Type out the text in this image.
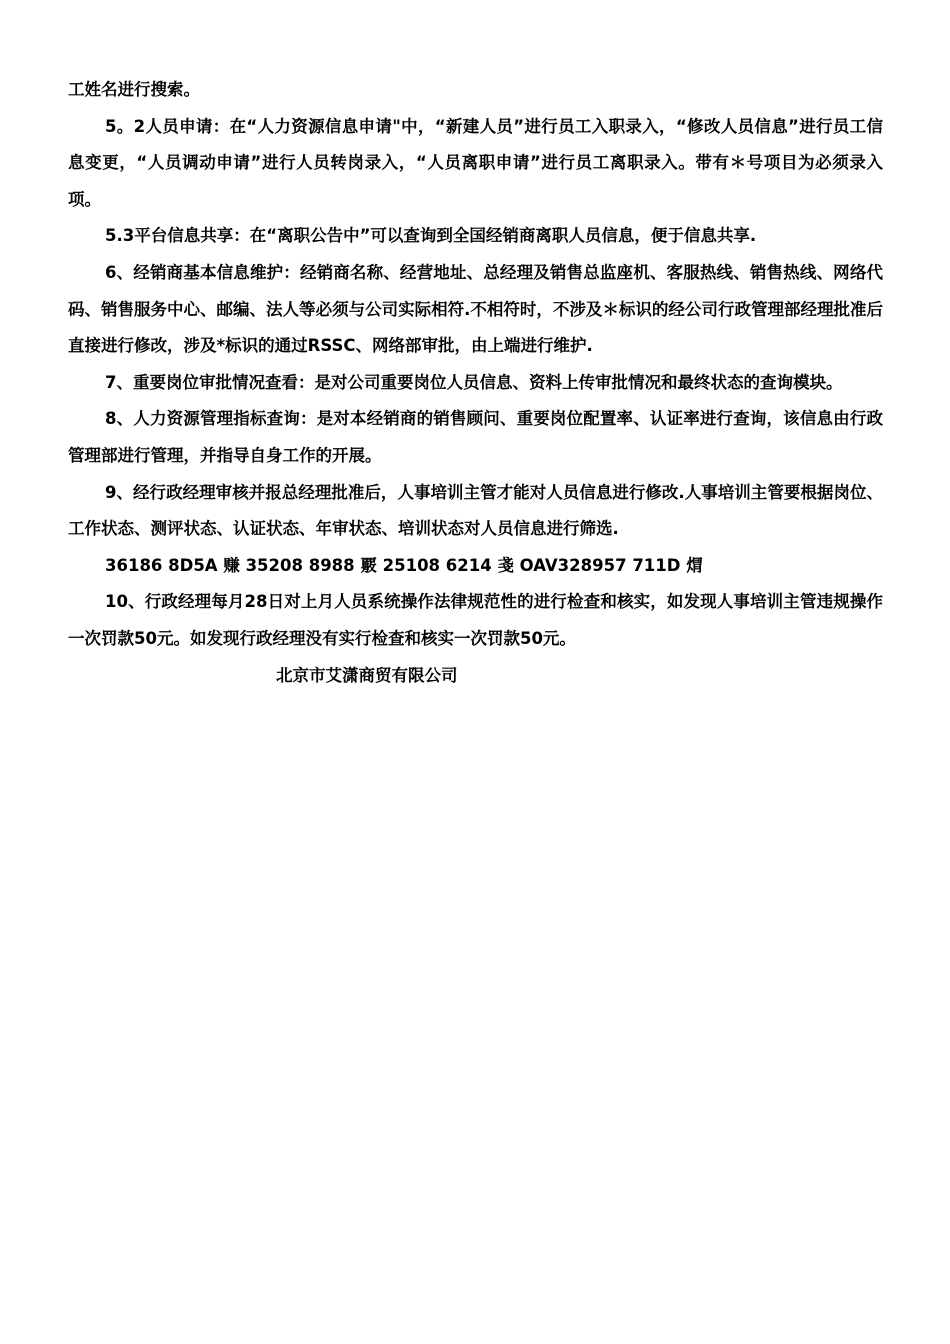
工姓名进行搜索。

5。2人员申请：在“人力资源信息申请"中，“新建人员”进行员工入职录入，“修改人员信息”进行员工信息变更，“人员调动申请”进行人员转岗录入，“人员离职申请”进行员工离职录入。带有＊号项目为必须录入项。

5.3平台信息共享：在“离职公告中”可以查询到全国经销商离职人员信息，便于信息共享.

6、经销商基本信息维护：经销商名称、经营地址、总经理及销售总监座机、客服热线、销售热线、网络代码、销售服务中心、邮编、法人等必须与公司实际相符.不相符时，不涉及＊标识的经公司行政管理部经理批准后直接进行修改，涉及*标识的通过RSSC、网络部审批，由上端进行维护.

7、重要岗位审批情况查看：是对公司重要岗位人员信息、资料上传审批情况和最终状态的查询模块。

8、人力资源管理指标查询：是对本经销商的销售顾问、重要岗位配置率、认证率进行查询，该信息由行政管理部进行管理，并指导自身工作的开展。

9、经行政经理审核并报总经理批准后，人事培训主管才能对人员信息进行修改.人事培训主管要根据岗位、工作状态、测评状态、认证状态、年审状态、培训状态对人员信息进行筛选.

36186 8D5A 赚 35208 8988 覈 25108 6214 戔 OAV328957 711D 焨

10、行政经理每月28日对上月人员系统操作法律规范性的进行检查和核实，如发现人事培训主管违规操作一次罚款50元。如发现行政经理没有实行检查和核实一次罚款50元。

北京市艾潇商贸有限公司
